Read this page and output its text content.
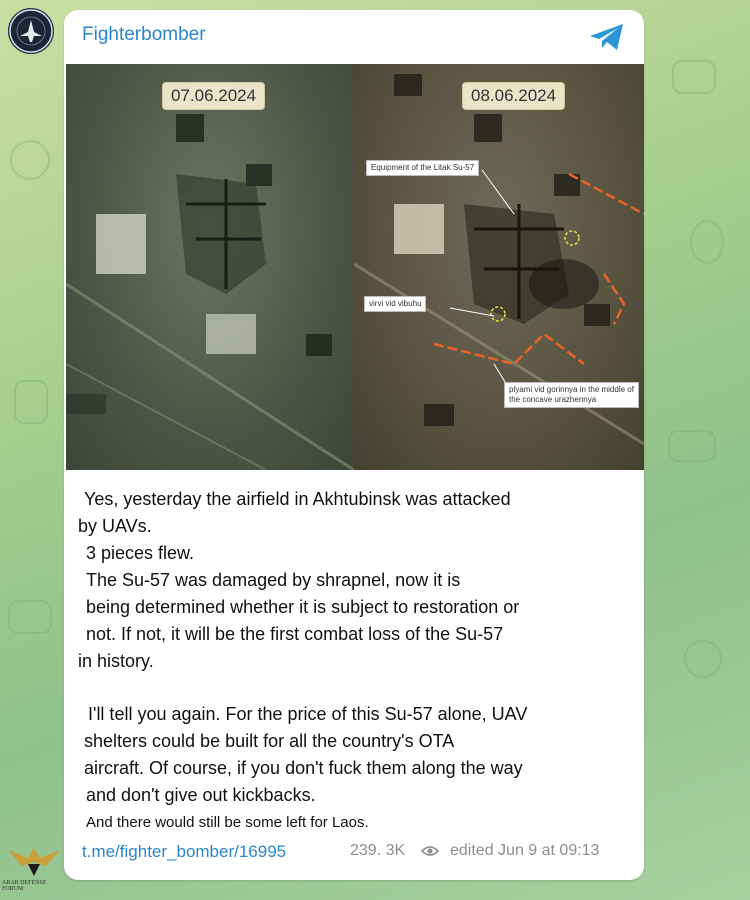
Fighterbomber
07.06.2024	08.06.2024
Equipment of the Litak Su-57
virvi vid vibuhu
plyami vid gorinnya in the middle of
the concave urazhennya

Yes, yesterday the airfield in Akhtubinsk was attacked

by UAVs.

3 pieces flew.

The Su-57 was damaged by shrapnel, now it is

being determined whether it is subject to restoration or

not. If not, it will be the first combat loss of the Su-57

in history.

I'll tell you again. For the price of this Su-57 alone, UAV

shelters could be built for all the country's OTA

aircraft. Of course, if you don't fuck them along the way

and don't give out kickbacks.

And there would still be some left for Laos.

t.me/fighter_bomber/16995	239. 3K	edited Jun 9 at 09:13
ARAB DEFENSE FORUM
